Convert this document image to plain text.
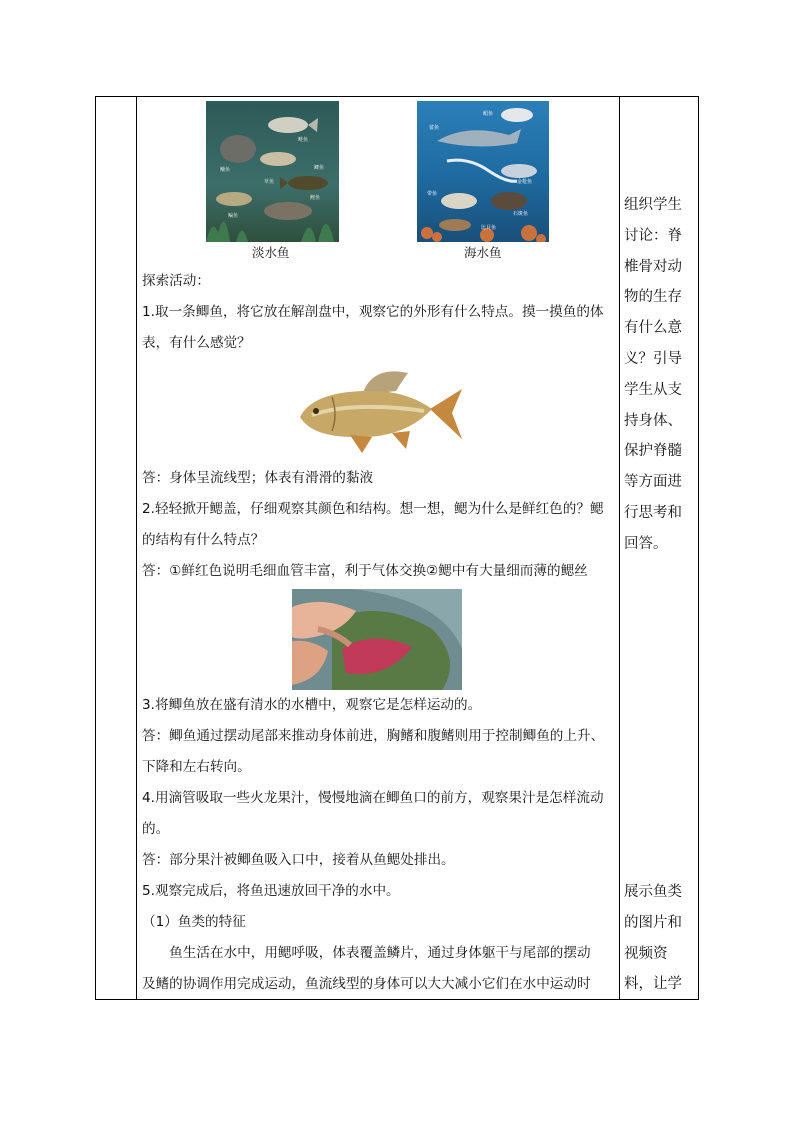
鲢鱼
鳙鱼
草鱼
鲫鱼
鲤鱼
鳊鱼
淡水鱼
鲨鱼
鲳鱼
带鱼
金枪鱼
石斑鱼
比目鱼
海水鱼

探索活动：

1.取一条鲫鱼，将它放在解剖盘中，观察它的外形有什么特点。摸一摸鱼的体

表，有什么感觉？

答：身体呈流线型；体表有滑滑的黏液

2.轻轻掀开鳃盖，仔细观察其颜色和结构。想一想，鳃为什么是鲜红色的？鳃

的结构有什么特点？

答：①鲜红色说明毛细血管丰富，利于气体交换②鳃中有大量细而薄的鳃丝

3.将鲫鱼放在盛有清水的水槽中，观察它是怎样运动的。

答：鲫鱼通过摆动尾部来推动身体前进，胸鳍和腹鳍则用于控制鲫鱼的上升、

下降和左右转向。

4.用滴管吸取一些火龙果汁，慢慢地滴在鲫鱼口的前方，观察果汁是怎样流动

的。

答：部分果汁被鲫鱼吸入口中，接着从鱼鳃处排出。

5.观察完成后，将鱼迅速放回干净的水中。

（1）鱼类的特征

　　鱼生活在水中，用鳃呼吸，体表覆盖鳞片，通过身体躯干与尾部的摆动

及鳍的协调作用完成运动，鱼流线型的身体可以大大减小它们在水中运动时

组织学生
讨论：脊
椎骨对动
物的生存
有什么意
义？引导
学生从支
持身体、
保护脊髓
等方面进
行思考和
回答。
展示鱼类
的图片和
视频资
料，让学
